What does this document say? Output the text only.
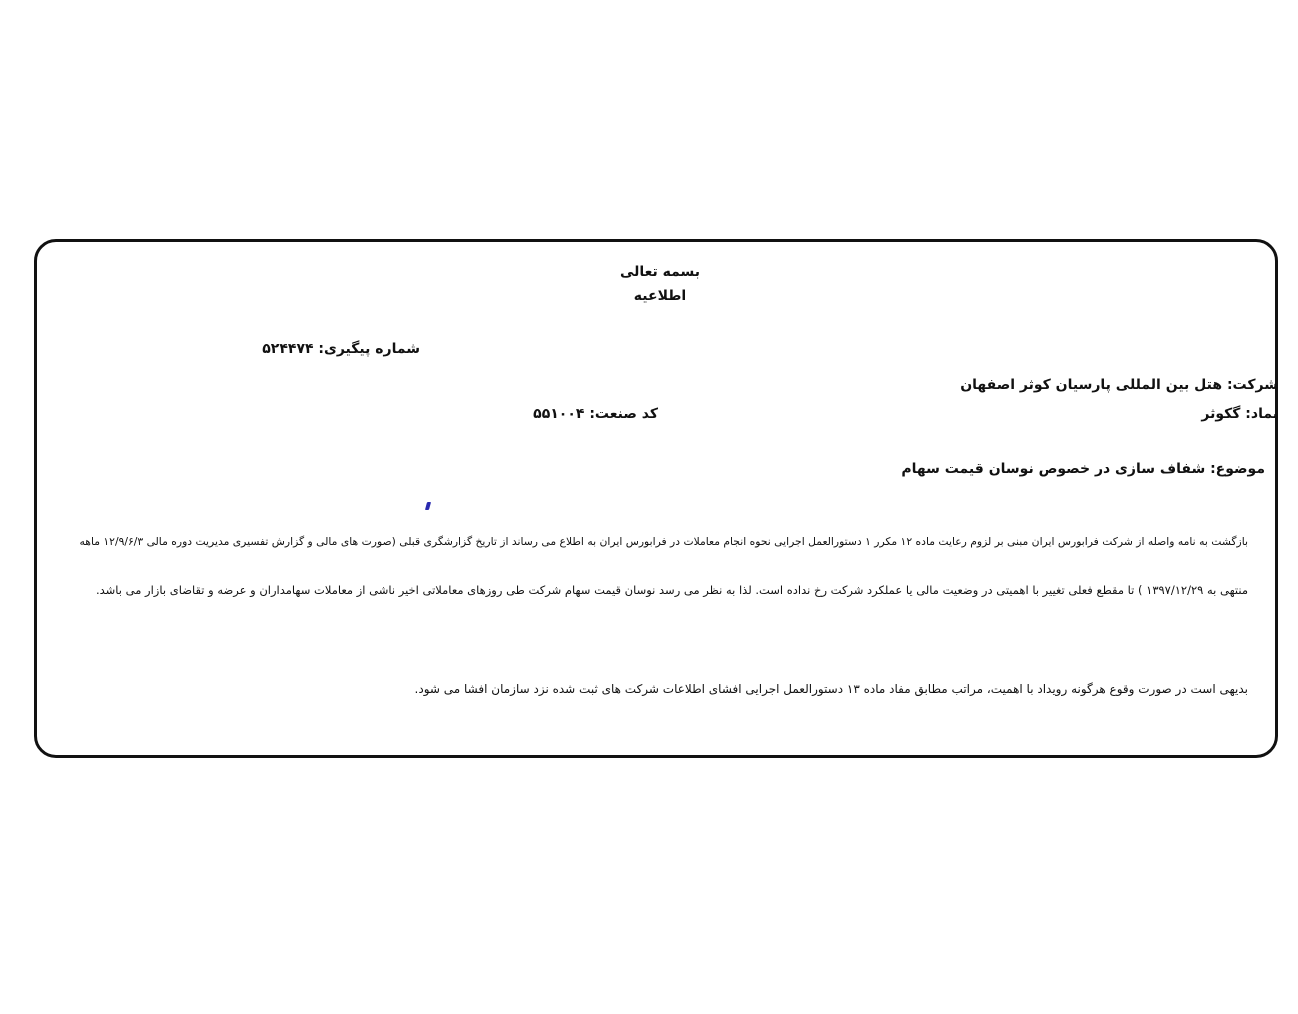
بسمه تعالی
اطلاعیه
شماره پیگیری: ۵۲۴۴۷۴
شرکت: هتل بین المللی پارسیان کوثر اصفهان
نماد: گکوثر
کد صنعت: ۵۵۱۰۰۴
موضوع: شفاف سازی در خصوص نوسان قیمت سهام
بازگشت به نامه واصله از شرکت فرابورس ایران مبنی بر لزوم رعایت ماده ۱۲ مکرر ۱ دستورالعمل اجرایی نحوه انجام معاملات در فرابورس ایران به اطلاع می رساند از تاریخ گزارشگری قبلی (صورت های مالی و گزارش تفسیری مدیریت دوره مالی ۱۲/۹/۶/۳ ماهه
منتهی به ۱۳۹۷/۱۲/۲۹ ) تا مقطع فعلی تغییر با اهمیتی در وضعیت مالی یا عملکرد شرکت رخ نداده است. لذا به نظر می رسد نوسان قیمت سهام شرکت طی روزهای معاملاتی اخیر ناشی از معاملات سهامداران و عرضه و تقاضای بازار می باشد.
بدیهی است در صورت وقوع هرگونه رویداد با اهمیت، مراتب مطابق مفاد ماده ۱۳ دستورالعمل اجرایی افشای اطلاعات شرکت های ثبت شده نزد سازمان افشا می شود.
